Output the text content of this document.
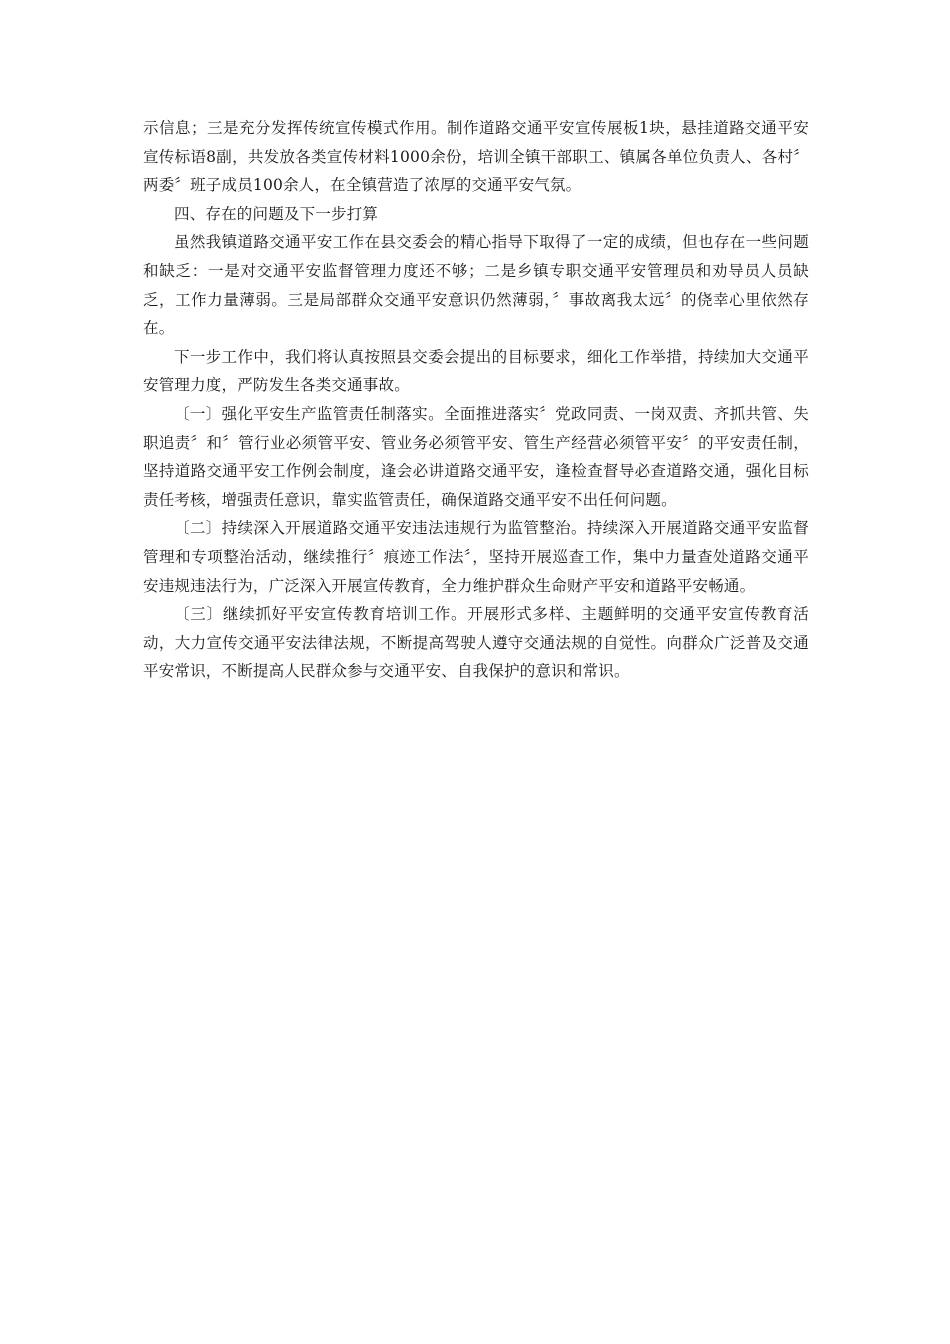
示信息；三是充分发挥传统宣传模式作用。制作道路交通平安宣传展板1块，悬挂道路交通平安宣传标语8副，共发放各类宣传材料1000余份，培训全镇干部职工、镇属各单位负责人、各村〞两委〞班子成员100余人，在全镇营造了浓厚的交通平安气氛。

四、存在的问题及下一步打算

虽然我镇道路交通平安工作在县交委会的精心指导下取得了一定的成绩，但也存在一些问题和缺乏：一是对交通平安监督管理力度还不够；二是乡镇专职交通平安管理员和劝导员人员缺乏，工作力量薄弱。三是局部群众交通平安意识仍然薄弱，〞事故离我太远〞的侥幸心里依然存在。

下一步工作中，我们将认真按照县交委会提出的目标要求，细化工作举措，持续加大交通平安管理力度，严防发生各类交通事故。

〔一〕强化平安生产监管责任制落实。全面推进落实〞党政同责、一岗双责、齐抓共管、失职追责〞和〞管行业必须管平安、管业务必须管平安、管生产经营必须管平安〞的平安责任制，坚持道路交通平安工作例会制度，逢会必讲道路交通平安，逢检查督导必查道路交通，强化目标责任考核，增强责任意识，靠实监管责任，确保道路交通平安不出任何问题。

〔二〕持续深入开展道路交通平安违法违规行为监管整治。持续深入开展道路交通平安监督管理和专项整治活动，继续推行〞痕迹工作法〞，坚持开展巡查工作，集中力量查处道路交通平安违规违法行为，广泛深入开展宣传教育，全力维护群众生命财产平安和道路平安畅通。

〔三〕继续抓好平安宣传教育培训工作。开展形式多样、主题鲜明的交通平安宣传教育活动，大力宣传交通平安法律法规，不断提高驾驶人遵守交通法规的自觉性。向群众广泛普及交通平安常识，不断提高人民群众参与交通平安、自我保护的意识和常识。
